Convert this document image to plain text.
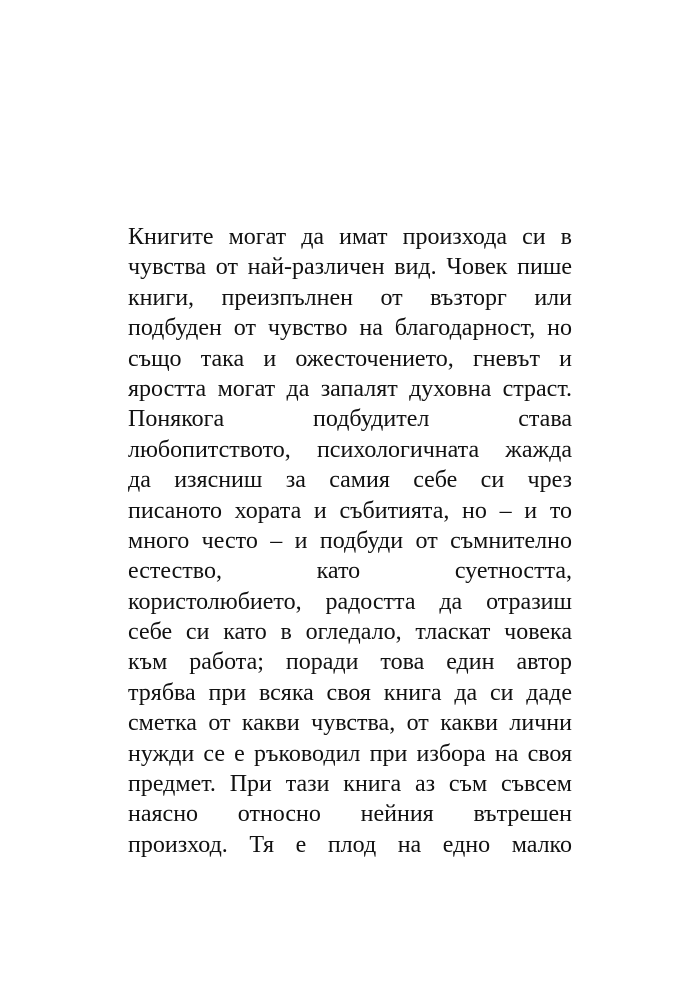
Книгите могат да имат произхода си в
чувства от най-различен вид. Човек пише
книги, преизпълнен от възторг или
подбуден от чувство на благодарност, но
също така и ожесточението, гневът и
яростта могат да запалят духовна страст.
Понякога подбудител става
любопитството, психологичната жажда
да изясниш за самия себе си чрез
писаното хората и събитията, но – и то
много често – и подбуди от съмнително
естество, като суетността,
користолюбието, радостта да отразиш
себе си като в огледало, тласкат човека
към работа; поради това един автор
трябва при всяка своя книга да си даде
сметка от какви чувства, от какви лични
нужди се е ръководил при избора на своя
предмет. При тази книга аз съм съвсем
наясно относно нейния вътрешен
произход. Тя е плод на едно малко
